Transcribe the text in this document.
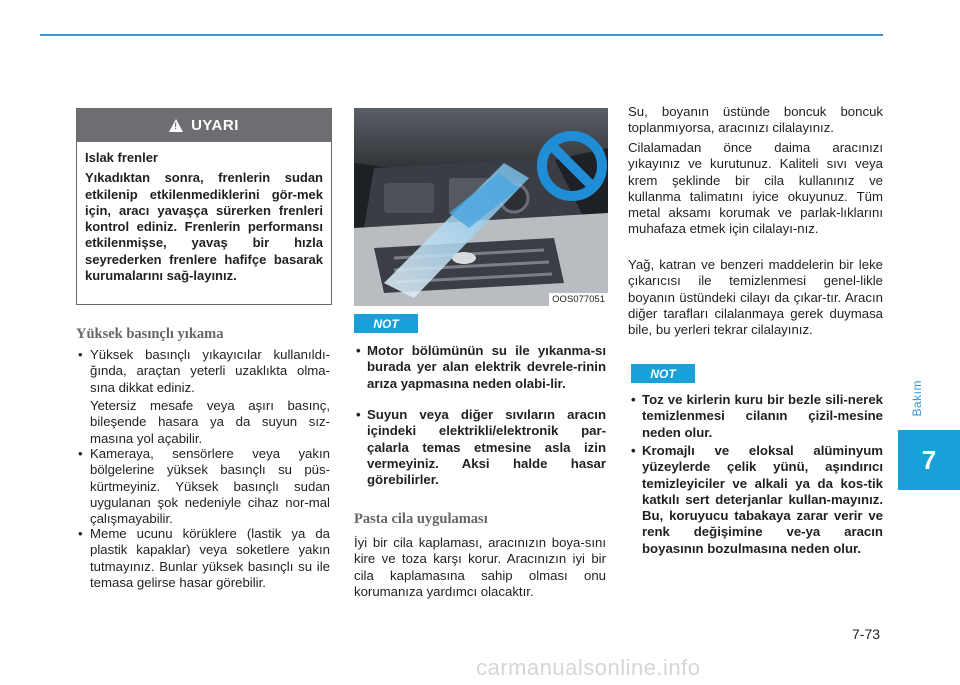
Bakım
7
7-73
! UYARI

Islak frenler

Yıkadıktan sonra, frenlerin sudan etkilenip etkilenmediklerini gör-mek için, aracı yavaşça sürerken frenleri kontrol ediniz. Frenlerin performansı etkilenmişse, yavaş bir hızla seyrederken frenlere hafifçe basarak kurumalarını sağ-layınız.

Yüksek basınçlı yıkama
• Yüksek basınçlı yıkayıcılar kullanıldı-ğında, araçtan yeterli uzaklıkta olma-sına dikkat ediniz.
Yetersiz mesafe veya aşırı basınç, bileşende hasara ya da suyun sız-masına yol açabilir.
• Kameraya, sensörlere veya yakın bölgelerine yüksek basınçlı su püs-kürtmeyiniz. Yüksek basınçlı sudan uygulanan şok nedeniyle cihaz nor-mal çalışmayabilir.
• Meme ucunu körüklere (lastik ya da plastik kapaklar) veya soketlere yakın tutmayınız. Bunlar yüksek basınçlı su ile temasa gelirse hasar görebilir.
OOS077051
NOT
• Motor bölümünün su ile yıkanma-sı burada yer alan elektrik devrele-rinin arıza yapmasına neden olabi-lir.
• Suyun veya diğer sıvıların aracın içindeki elektrikli/elektronik par-çalarla temas etmesine asla izin vermeyiniz. Aksi halde hasar görebilirler.
Pasta cila uygulaması
İyi bir cila kaplaması, aracınızın boya-sını kire ve toza karşı korur. Aracınızın iyi bir cila kaplamasına sahip olması onu korumanıza yardımcı olacaktır.
Su, boyanın üstünde boncuk boncuk toplanmıyorsa, aracınızı cilalayınız.
Cilalamadan önce daima aracınızı yıkayınız ve kurutunuz. Kaliteli sıvı veya krem şeklinde bir cila kullanınız ve kullanma talimatını iyice okuyunuz. Tüm metal aksamı korumak ve parlak-lıklarını muhafaza etmek için cilalayı-nız.
Yağ, katran ve benzeri maddelerin bir leke çıkarıcısı ile temizlenmesi genel-likle boyanın üstündeki cilayı da çıkar-tır. Aracın diğer tarafları cilalanmaya gerek duymasa bile, bu yerleri tekrar cilalayınız.
NOT
• Toz ve kirlerin kuru bir bezle sili-nerek temizlenmesi cilanın çizil-mesine neden olur.
• Kromajlı ve eloksal alüminyum yüzeylerde çelik yünü, aşındırıcı temizleyiciler ve alkali ya da kos-tik katkılı sert deterjanlar kullan-mayınız. Bu, koruyucu tabakaya zarar verir ve renk değişimine ve-ya aracın boyasının bozulmasına neden olur.
carmanualsonline.info
